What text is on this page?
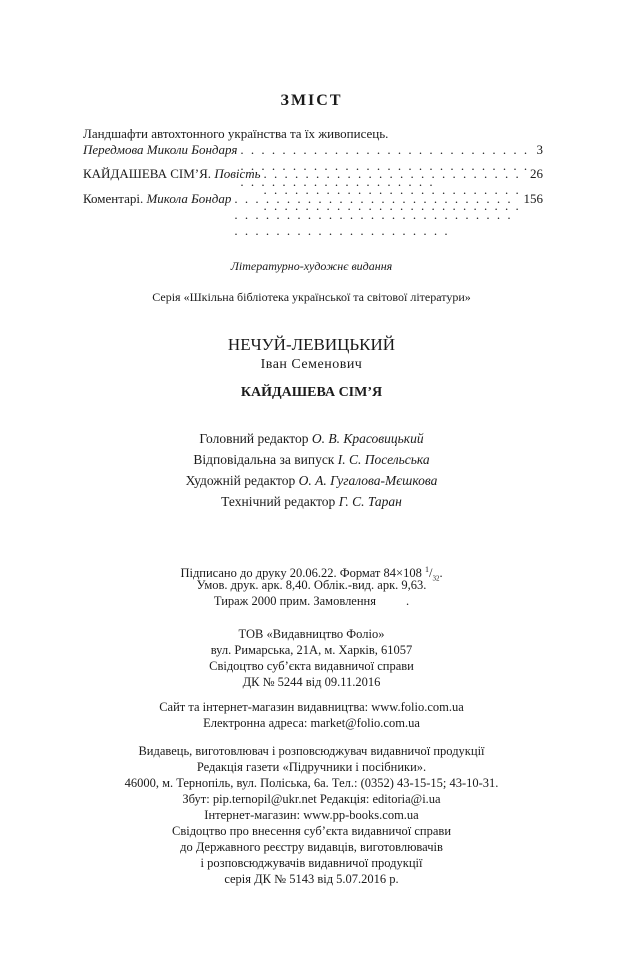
ЗМІСТ
Ландшафти автохтонного українства та їх живописець.
Передмова Миколи Бондаря . . .	3
КАЙДАШЕВА СІМ’Я.
Повість . . .	26
Коментарі.
Микола Бондар . . .	156
Літературно-художнє видання
Серія «Шкільна бібліотека української та світової літератури»
НЕЧУЙ-ЛЕВИЦЬКИЙ
Іван Семенович
КАЙДАШЕВА СІМ’Я
Головний редактор О. В. Красовицький
Відповідальна за випуск І. С. Посельська
Художній редактор О. А. Гугалова-Мєшкова
Технічний редактор Г. С. Таран
Підписано до друку 20.06.22. Формат 84×108 $^1/_{32}$.
Умов. друк. арк. 8,40. Облік.-вид. арк. 9,63.
Тираж 2000 прим. Замовлення .
ТОВ «Видавництво Фоліо»
вул. Римарська, 21А, м. Харків, 61057
Свідоцтво суб’єкта видавничої справи
ДК № 5244 від 09.11.2016
Сайт та інтернет-магазин видавництва: www.folio.com.ua
Електронна адреса: market@folio.com.ua
Видавець, виготовлювач і розповсюджувач видавничої продукції
Редакція газети «Підручники і посібники».
46000, м. Тернопіль, вул. Поліська, 6а. Тел.: (0352) 43-15-15; 43-10-31.
Збут: pip.ternopil@ukr.net Редакція: editoria@i.ua
Інтернет-магазин: www.pp-books.com.ua
Свідоцтво про внесення суб’єкта видавничої справи
до Державного реєстру видавців, виготовлювачів
і розповсюджувачів видавничої продукції
серія ДК № 5143 від 5.07.2016 р.
